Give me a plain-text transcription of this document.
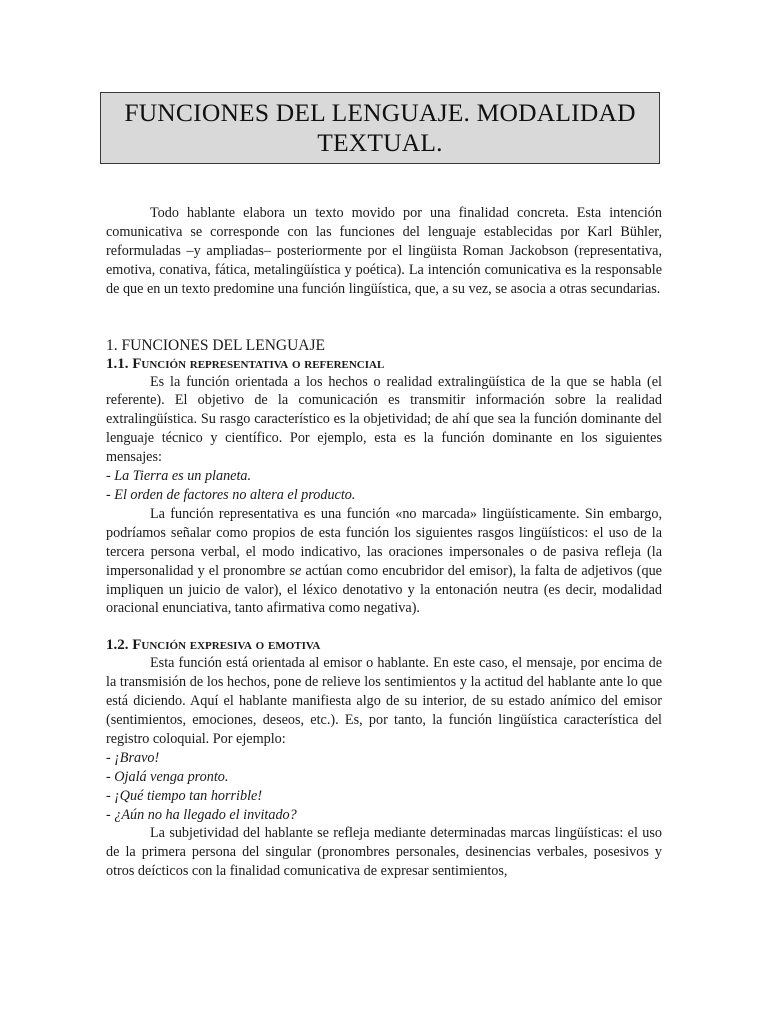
FUNCIONES DEL LENGUAJE. MODALIDAD
TEXTUAL.

Todo hablante elabora un texto movido por una finalidad concreta. Esta intención comunicativa se corresponde con las funciones del lenguaje establecidas por Karl Bühler, reformuladas –y ampliadas– posteriormente por el lingüista Roman Jackobson (representativa, emotiva, conativa, fática, metalingüística y poética). La intención comunicativa es la responsable de que en un texto predomine una función lingüística, que, a su vez, se asocia a otras secundarias.

1. FUNCIONES DEL LENGUAJE
1.1. Función representativa o referencial

Es la función orientada a los hechos o realidad extralingüística de la que se habla (el referente). El objetivo de la comunicación es transmitir información sobre la realidad extralingüística. Su rasgo característico es la objetividad; de ahí que sea la función dominante del lenguaje técnico y científico. Por ejemplo, esta es la función dominante en los siguientes mensajes:

- La Tierra es un planeta.

- El orden de factores no altera el producto.

La función representativa es una función «no marcada» lingüísticamente. Sin embargo, podríamos señalar como propios de esta función los siguientes rasgos lingüísticos: el uso de la tercera persona verbal, el modo indicativo, las oraciones impersonales o de pasiva refleja (la impersonalidad y el pronombre se actúan como encubridor del emisor), la falta de adjetivos (que impliquen un juicio de valor), el léxico denotativo y la entonación neutra (es decir, modalidad oracional enunciativa, tanto afirmativa como negativa).

1.2. Función expresiva o emotiva

Esta función está orientada al emisor o hablante. En este caso, el mensaje, por encima de la transmisión de los hechos, pone de relieve los sentimientos y la actitud del hablante ante lo que está diciendo. Aquí el hablante manifiesta algo de su interior, de su estado anímico del emisor (sentimientos, emociones, deseos, etc.). Es, por tanto, la función lingüística característica del registro coloquial. Por ejemplo:

- ¡Bravo!

- Ojalá venga pronto.

- ¡Qué tiempo tan horrible!

- ¿Aún no ha llegado el invitado?

La subjetividad del hablante se refleja mediante determinadas marcas lingüísticas: el uso de la primera persona del singular (pronombres personales, desinencias verbales, posesivos y otros deícticos con la finalidad comunicativa de expresar sentimientos,
